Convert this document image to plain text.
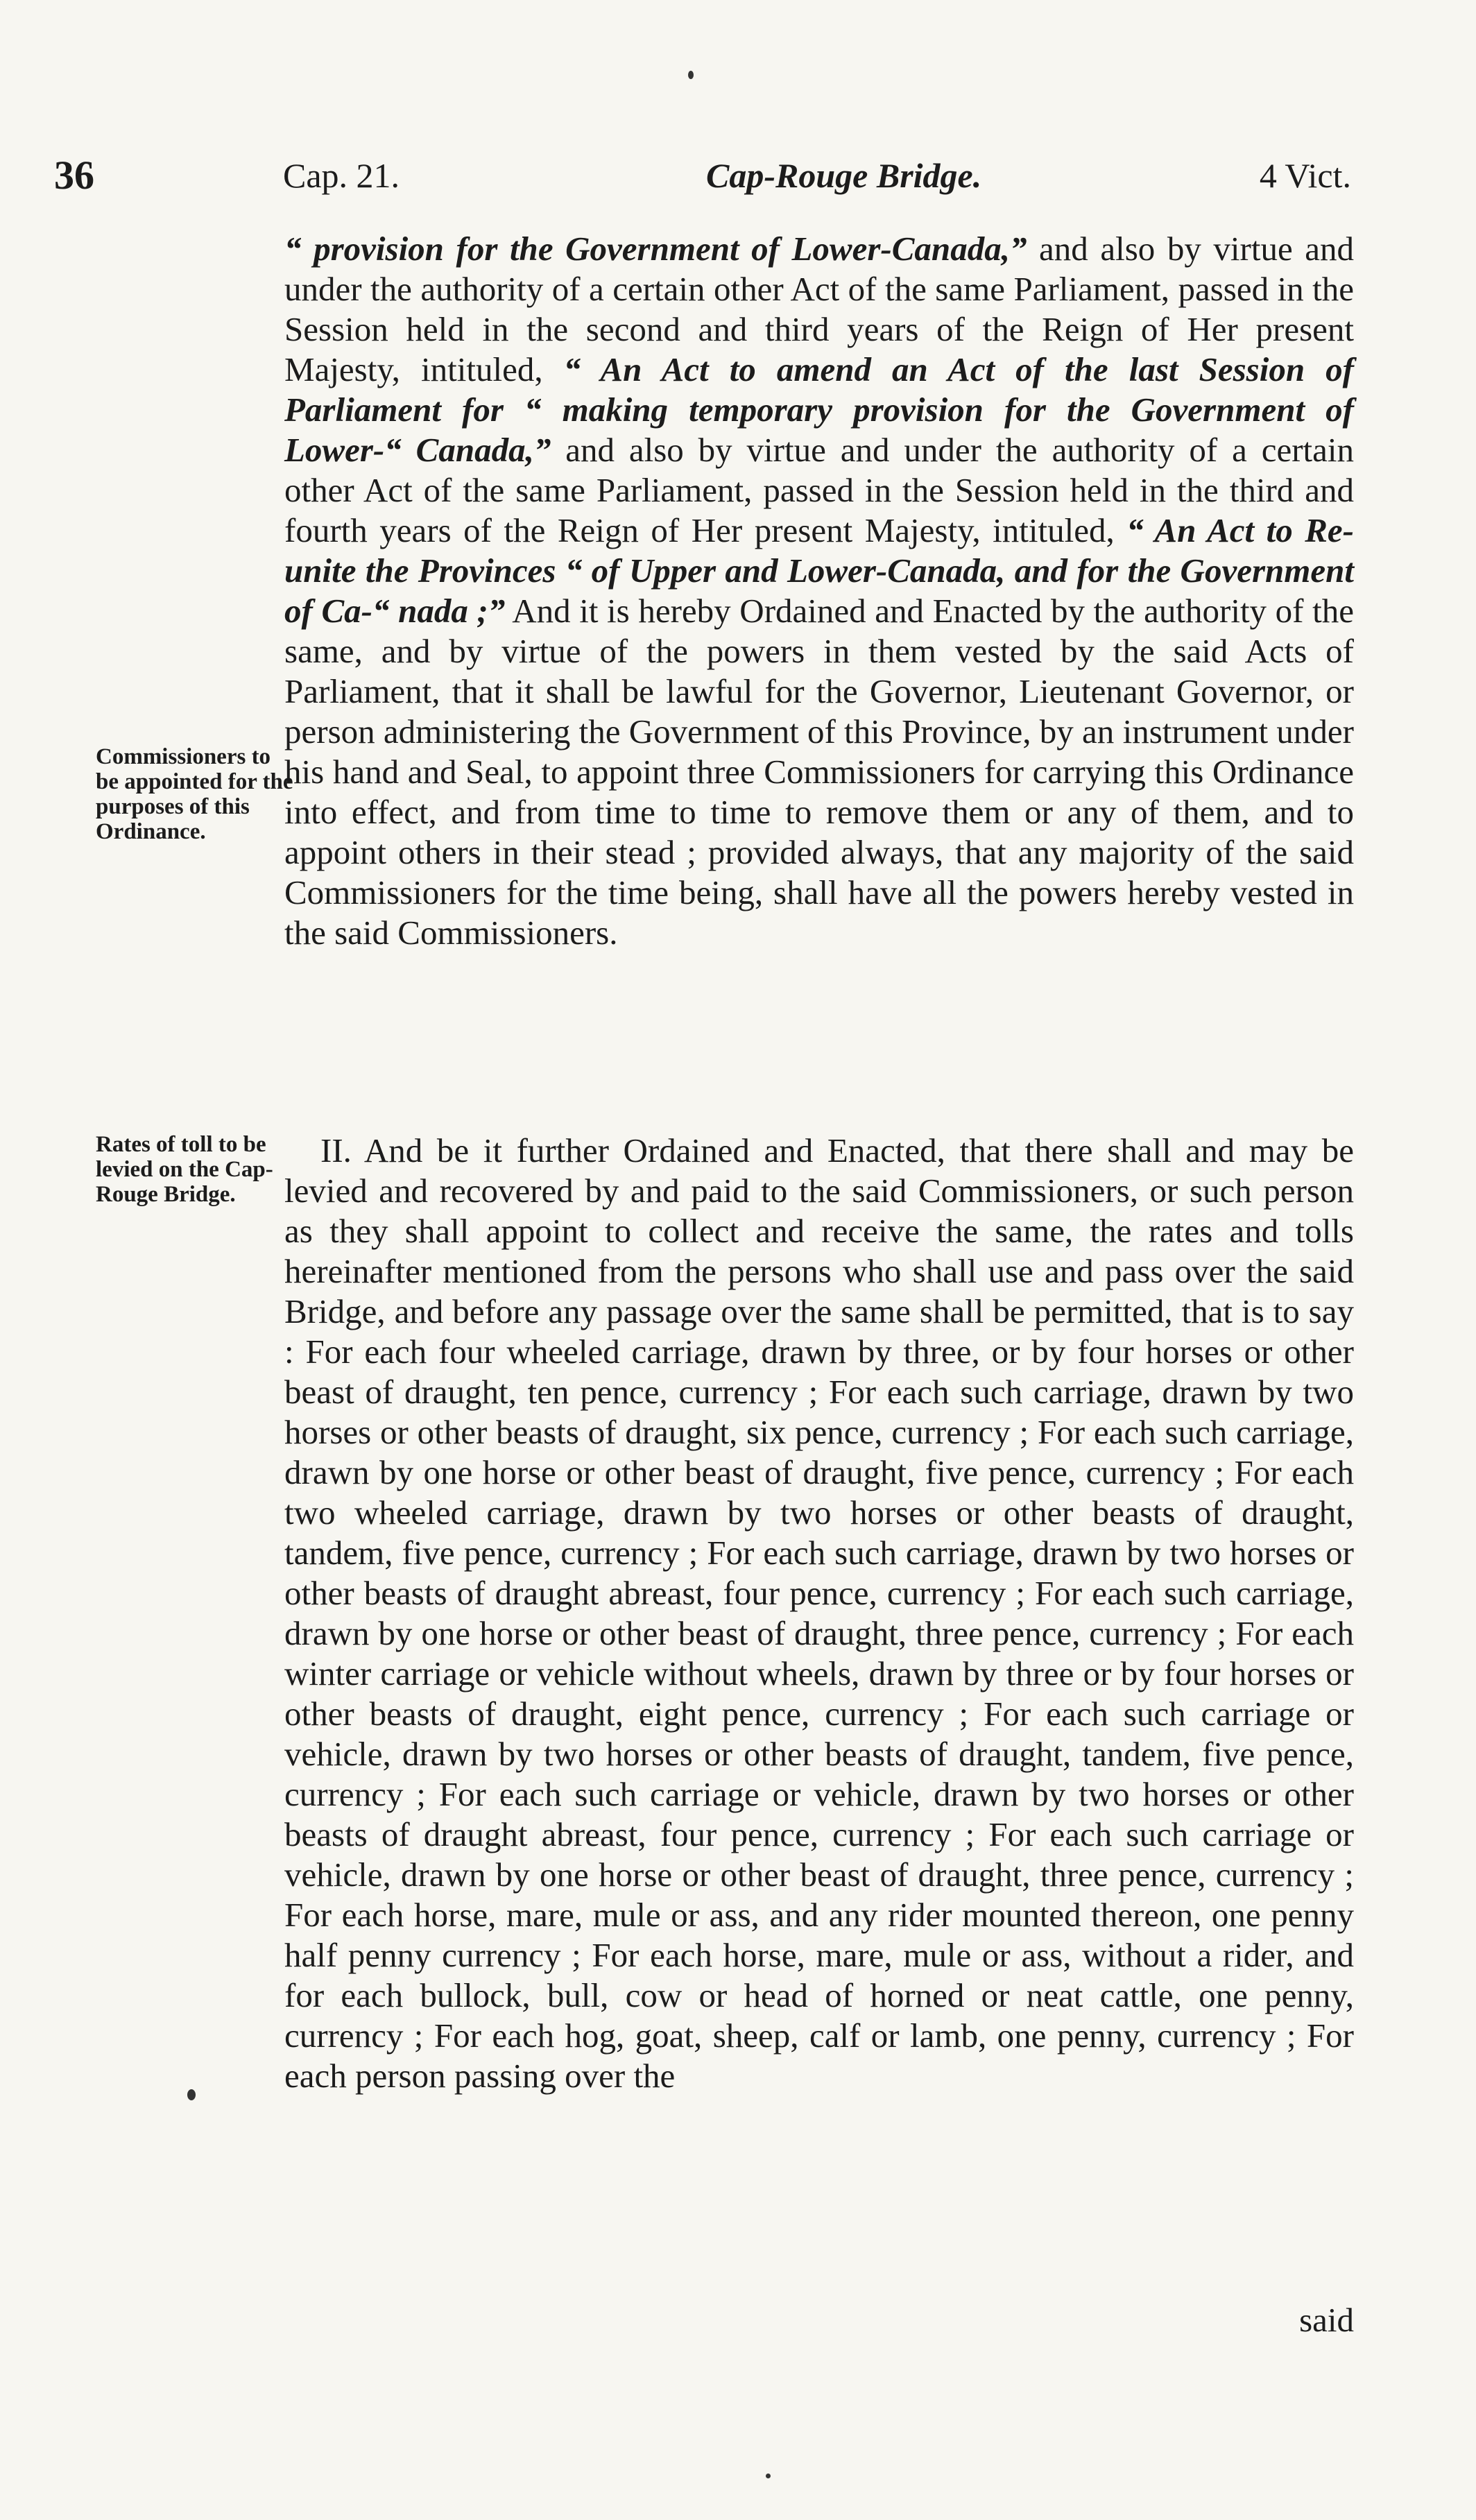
36	Cap. 21.	Cap-Rouge Bridge.	4 Vict.
“ provision for the Government of Lower-Canada,” and also by virtue and under the authority of a certain other Act of the same Parliament, passed in the Session held in the second and third years of the Reign of Her present Majesty, intituled, “ An Act to amend an Act of the last Session of Parliament for “ making temporary provision for the Government of Lower-“ Canada,” and also by virtue and under the authority of a certain other Act of the same Parliament, passed in the Session held in the third and fourth years of the Reign of Her present Majesty, intituled, “ An Act to Re-unite the Provinces “ of Upper and Lower-Canada, and for the Government of Ca-“ nada ;” And it is hereby Ordained and Enacted by the authority of the same, and by virtue of the powers in them vested by the said Acts of Parliament, that it shall be lawful for the Governor, Lieutenant Governor, or person administering the Government of this Province, by an instrument under his hand and Seal, to appoint three Commissioners for carrying this Ordinance into effect, and from time to time to remove them or any of them, and to appoint others in their stead ; provided always, that any majority of the said Commissioners for the time being, shall have all the powers hereby vested in the said Commissioners.
Commissioners to be appointed for the purposes of this Ordinance.
II. And be it further Ordained and Enacted, that there shall and may be levied and recovered by and paid to the said Commissioners, or such person as they shall appoint to collect and receive the same, the rates and tolls hereinafter mentioned from the persons who shall use and pass over the said Bridge, and before any passage over the same shall be permitted, that is to say : For each four wheeled carriage, drawn by three, or by four horses or other beast of draught, ten pence, currency ; For each such carriage, drawn by two horses or other beasts of draught, six pence, currency ; For each such carriage, drawn by one horse or other beast of draught, five pence, currency ; For each two wheeled carriage, drawn by two horses or other beasts of draught, tandem, five pence, currency ; For each such carriage, drawn by two horses or other beasts of draught abreast, four pence, currency ; For each such carriage, drawn by one horse or other beast of draught, three pence, currency ; For each winter carriage or vehicle without wheels, drawn by three or by four horses or other beasts of draught, eight pence, currency ; For each such carriage or vehicle, drawn by two horses or other beasts of draught, tandem, five pence, currency ; For each such carriage or vehicle, drawn by two horses or other beasts of draught abreast, four pence, currency ; For each such carriage or vehicle, drawn by one horse or other beast of draught, three pence, currency ; For each horse, mare, mule or ass, and any rider mounted thereon, one penny half penny currency ; For each horse, mare, mule or ass, without a rider, and for each bullock, bull, cow or head of horned or neat cattle, one penny, currency ; For each hog, goat, sheep, calf or lamb, one penny, currency ; For each person passing over the
Rates of toll to be levied on the Cap-Rouge Bridge.
said
